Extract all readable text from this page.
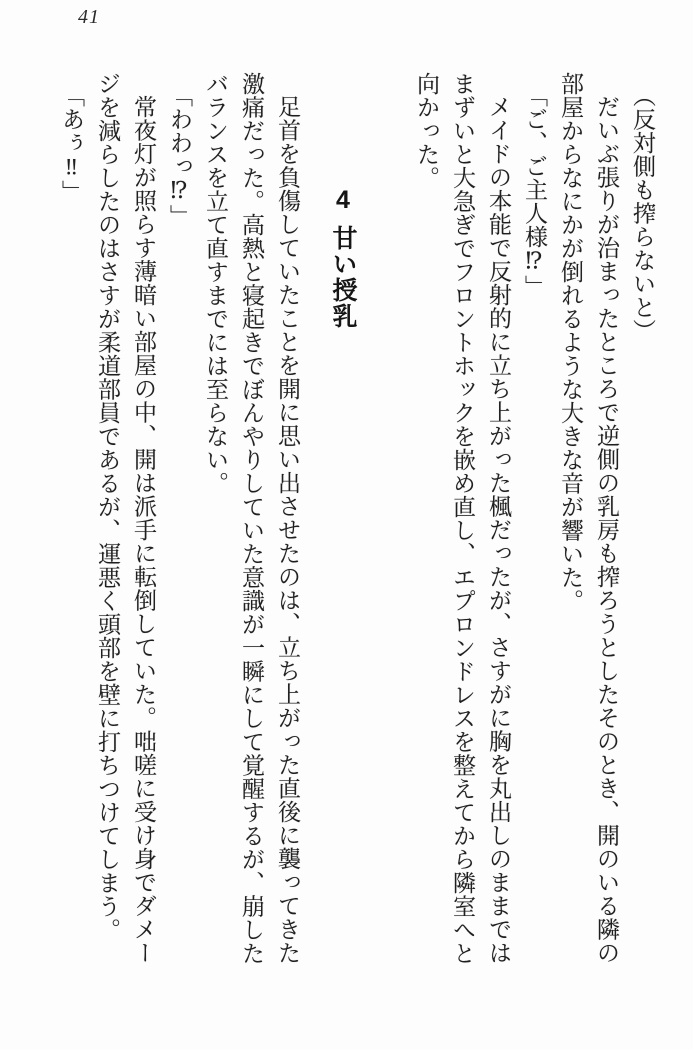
41

（反対側も搾らないと）

だいぶ張りが治まったところで逆側の乳房も搾ろうとしたそのとき、開のいる隣の

部屋からなにかが倒れるような大きな音が響いた。

「ご、ご主人様⁉」

メイドの本能で反射的に立ち上がった楓だったが、さすがに胸を丸出しのままでは

まずいと大急ぎでフロントホックを嵌め直し、エプロンドレスを整えてから隣室へと

向かった。

4甘い授乳

足首を負傷していたことを開に思い出させたのは、立ち上がった直後に襲ってきた

激痛だった。高熱と寝起きでぼんやりしていた意識が一瞬にして覚醒するが、崩した

バランスを立て直すまでには至らない。

「わわっ⁉」

常夜灯が照らす薄暗い部屋の中、開は派手に転倒していた。咄嗟に受け身でダメー

ジを減らしたのはさすが柔道部員であるが、運悪く頭部を壁に打ちつけてしまう。

「あぅ‼」
